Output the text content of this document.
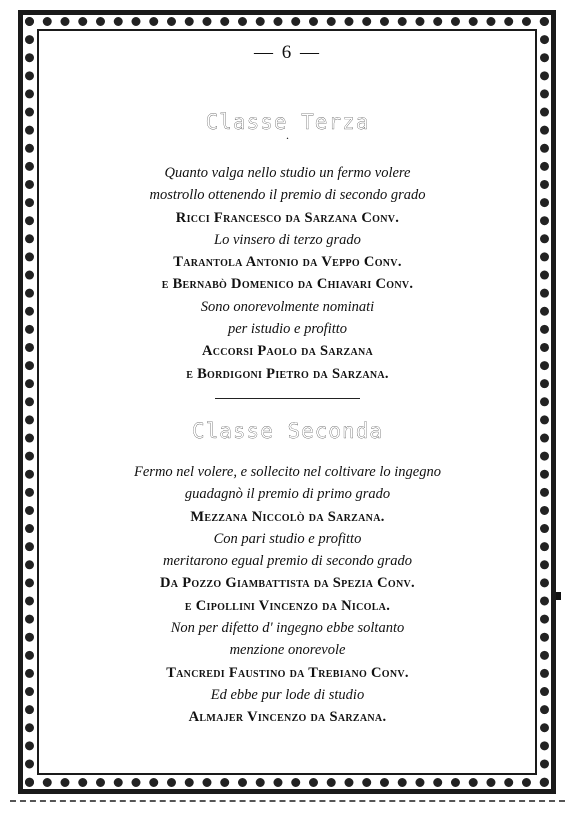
— 6 —
Classe Terza
·
Quanto valga nello studio un fermo volere
mostrollo ottenendo il premio di secondo grado
Ricci Francesco da Sarzana Conv.
Lo vinsero di terzo grado
Tarantola Antonio da Veppo Conv.
e Bernabò Domenico da Chiavari Conv.
Sono onorevolmente nominati
per istudio e profitto
Accorsi Paolo da Sarzana
e Bordigoni Pietro da Sarzana.
Classe Seconda
Fermo nel volere, e sollecito nel coltivare lo ingegno
guadagnò il premio di primo grado
Mezzana Niccolò da Sarzana.
Con pari studio e profitto
meritarono egual premio di secondo grado
Da Pozzo Giambattista da Spezia Conv.
e Cipollini Vincenzo da Nicola.
Non per difetto d' ingegno ebbe soltanto
menzione onorevole
Tancredi Faustino da Trebiano Conv.
Ed ebbe pur lode di studio
Almajer Vincenzo da Sarzana.
